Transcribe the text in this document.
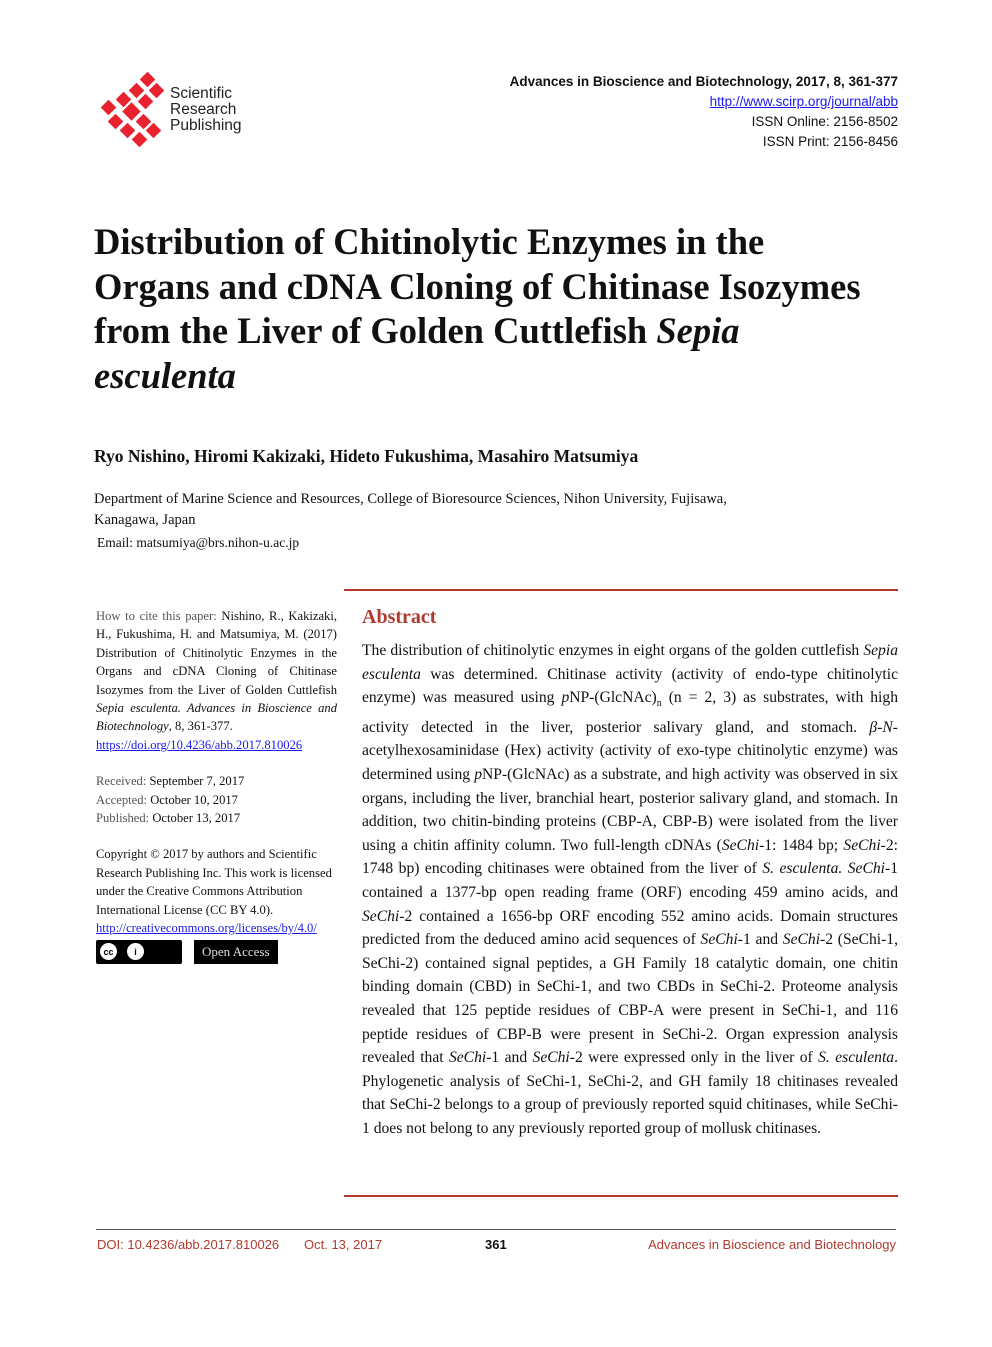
Scientific
Research
Publishing
Advances in Bioscience and Biotechnology, 2017, 8, 361-377
http://www.scirp.org/journal/abb
ISSN Online: 2156-8502
ISSN Print: 2156-8456
Distribution of Chitinolytic Enzymes in the Organs and cDNA Cloning of Chitinase Isozymes from the Liver of Golden Cuttlefish Sepia esculenta
Ryo Nishino, Hiromi Kakizaki, Hideto Fukushima, Masahiro Matsumiya
Department of Marine Science and Resources, College of Bioresource Sciences, Nihon University, Fujisawa, Kanagawa, Japan
Email: matsumiya@brs.nihon-u.ac.jp

How to cite this paper: Nishino, R., Kakizaki, H., Fukushima, H. and Matsumiya, M. (2017) Distribution of Chitinolytic Enzymes in the Organs and cDNA Cloning of Chitinase Isozymes from the Liver of Golden Cuttlefish Sepia esculenta. Advances in Bioscience and Biotechnology, 8, 361-377.
https://doi.org/10.4236/abb.2017.810026

Received: September 7, 2017
Accepted: October 10, 2017
Published: October 13, 2017

Copyright © 2017 by authors and Scientific Research Publishing Inc. This work is licensed under the Creative Commons Attribution International License (CC BY 4.0).
http://creativecommons.org/licenses/by/4.0/

cc	i	Open Access
Abstract
The distribution of chitinolytic enzymes in eight organs of the golden cuttlefish Sepia esculenta was determined. Chitinase activity (activity of endo-type chitinolytic enzyme) was measured using pNP-$(GlcNAc)_n$ (n = 2, 3) as substrates, with high activity detected in the liver, posterior salivary gland, and stomach. β-N-acetylhexosaminidase (Hex) activity (activity of exo-type chitinolytic enzyme) was determined using pNP-(GlcNAc) as a substrate, and high activity was observed in six organs, including the liver, branchial heart, posterior salivary gland, and stomach. In addition, two chitin-binding proteins (CBP-A, CBP-B) were isolated from the liver using a chitin affinity column. Two full-length cDNAs (SeChi-1: 1484 bp; SeChi-2: 1748 bp) encoding chitinases were obtained from the liver of S. esculenta. SeChi-1 contained a 1377-bp open reading frame (ORF) encoding 459 amino acids, and SeChi-2 contained a 1656-bp ORF encoding 552 amino acids. Domain structures predicted from the deduced amino acid sequences of SeChi-1 and SeChi-2 (SeChi-1, SeChi-2) contained signal peptides, a GH Family 18 catalytic domain, one chitin binding domain (CBD) in SeChi-1, and two CBDs in SeChi-2. Proteome analysis revealed that 125 peptide residues of CBP-A were present in SeChi-1, and 116 peptide residues of CBP-B were present in SeChi-2. Organ expression analysis revealed that SeChi-1 and SeChi-2 were expressed only in the liver of S. esculenta. Phylogenetic analysis of SeChi-1, SeChi-2, and GH family 18 chitinases revealed that SeChi-2 belongs to a group of previously reported squid chitinases, while SeChi-1 does not belong to any previously reported group of mollusk chitinases.
DOI: 10.4236/abb.2017.810026 Oct. 13, 2017	361	Advances in Bioscience and Biotechnology
